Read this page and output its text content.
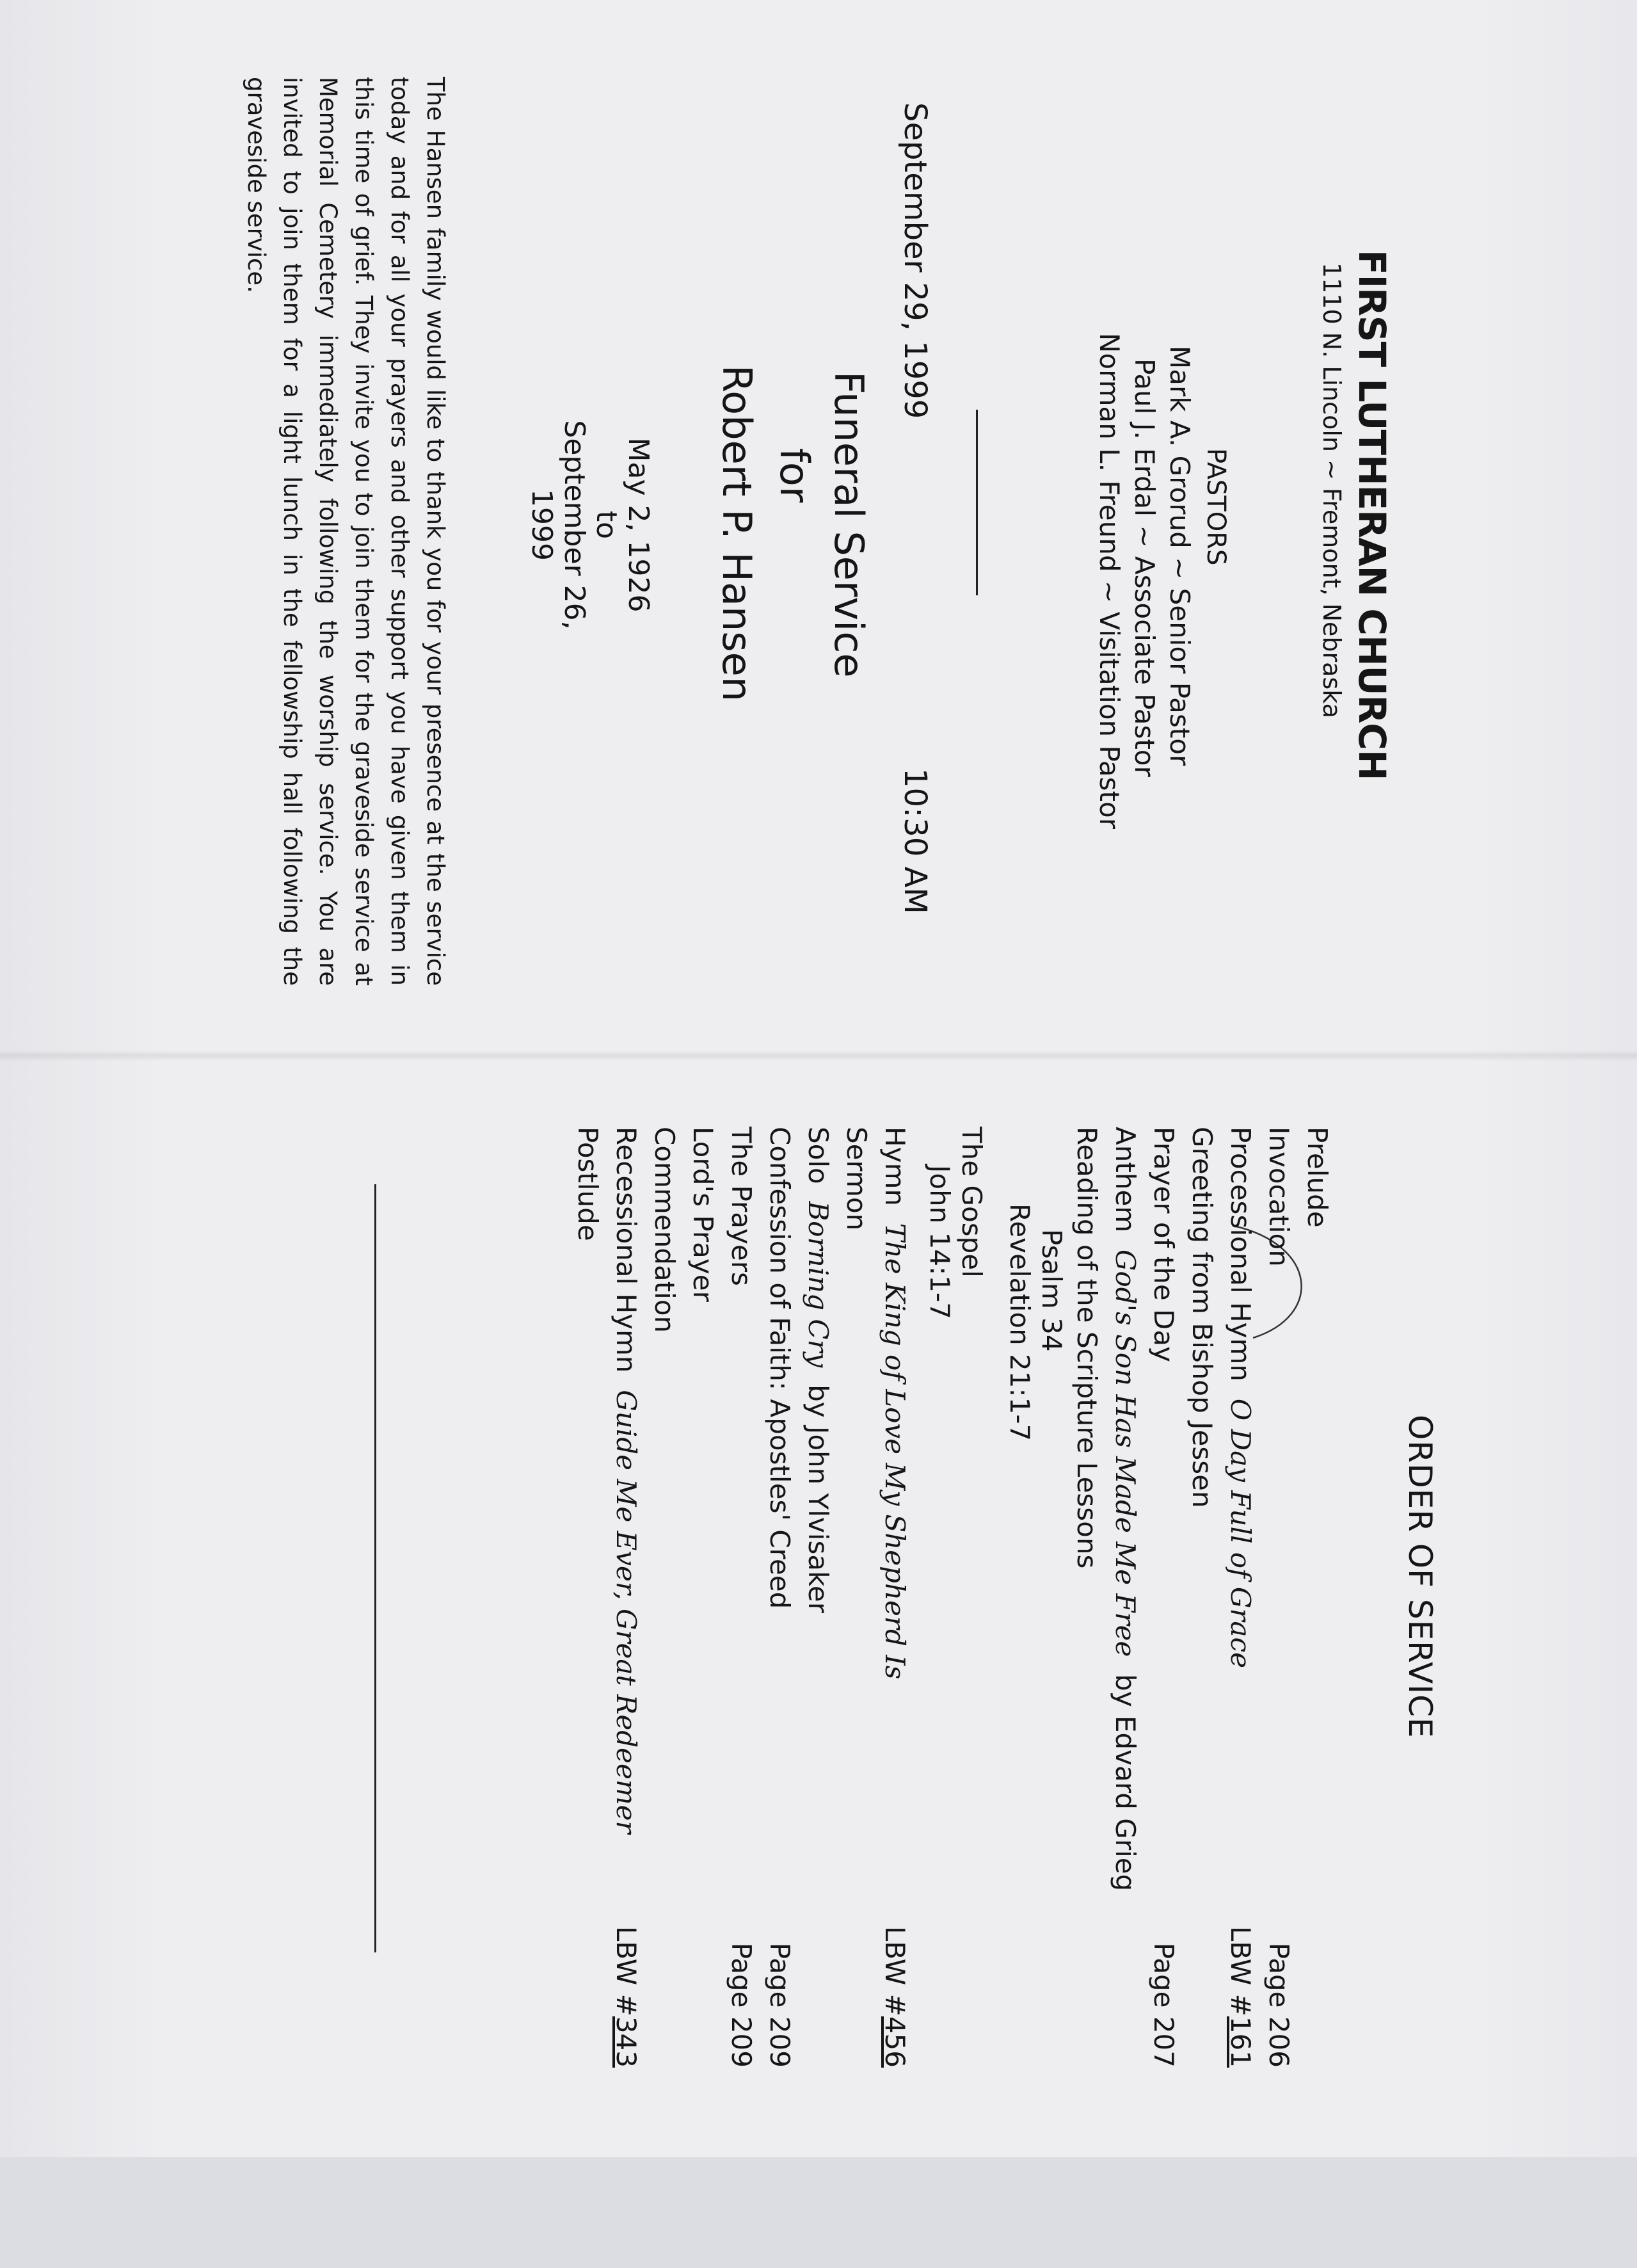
FIRST LUTHERAN CHURCH
1110 N. Lincoln ~ Fremont, Nebraska
PASTORS
Mark A. Grorud ~ Senior Pastor
Paul J. Erdal ~ Associate Pastor
Norman L. Freund ~ Visitation Pastor
September 29, 1999
10:30 AM
Funeral Service
for
Robert P. Hansen
May 2, 1926
to
September 26, 1999
The Hansen family would like to thank you for your presence at the service today and for all your prayers and other support you have given them in this time of grief. They invite you to join them for the graveside service at Memorial Cemetery immediately following the worship service. You are invited to join them for a light lunch in the fellowship hall following the graveside service.
ORDER OF SERVICE
Prelude
Invocation
Page 206
Processional Hymn  O Day Full of Grace
LBW #161
Greeting from Bishop Jessen
Prayer of the Day
Page 207
Anthem  God's Son Has Made Me Free  by Edvard Grieg
Reading of the Scripture Lessons
Psalm 34
Revelation 21:1-7
The Gospel
John 14:1-7
Hymn  The King of Love My Shepherd Is
LBW #456
Sermon
Solo  Borning Cry  by John Ylvisaker
Confession of Faith: Apostles' Creed
Page 209
The Prayers
Page 209
Lord's Prayer
Commendation
Recessional Hymn  Guide Me Ever, Great Redeemer
LBW #343
Postlude
